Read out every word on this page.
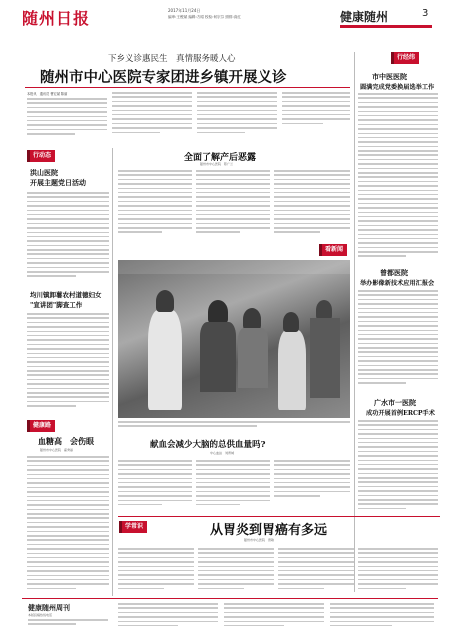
随州日报	2017年11月24日
编审:王俊斌 编辑:方昭 校检:何宗芬 照排:高红	健康随州	3
下乡义诊惠民生　真情服务暖人心
随州市中心医院专家团进乡镇开展义诊
本报讯　通讯员 曹宏斌 陈丽
行经纬
市中医医院
圆满完成党委换届选举工作
曾都医院
举办影像新技术应用汇报会
广水市一医院
成功开展首例ERCP手术
行动态
洪山医院
开展主题党日活动
均川镇卸薯农村道德妇女
"宣讲团"脚查工作
健康路
血糖高　会伤眼
随州市中心医院　翟秀丽
全面了解产后恶露
随州市中心医院　陈广兰
看新闻
献血会减少大脑的总供血量吗?
中心血站　刘青城
学常识	从胃炎到胃癌有多远
随州市中心医院　曾敏
健康随州周刊
本版投稿热线电话
